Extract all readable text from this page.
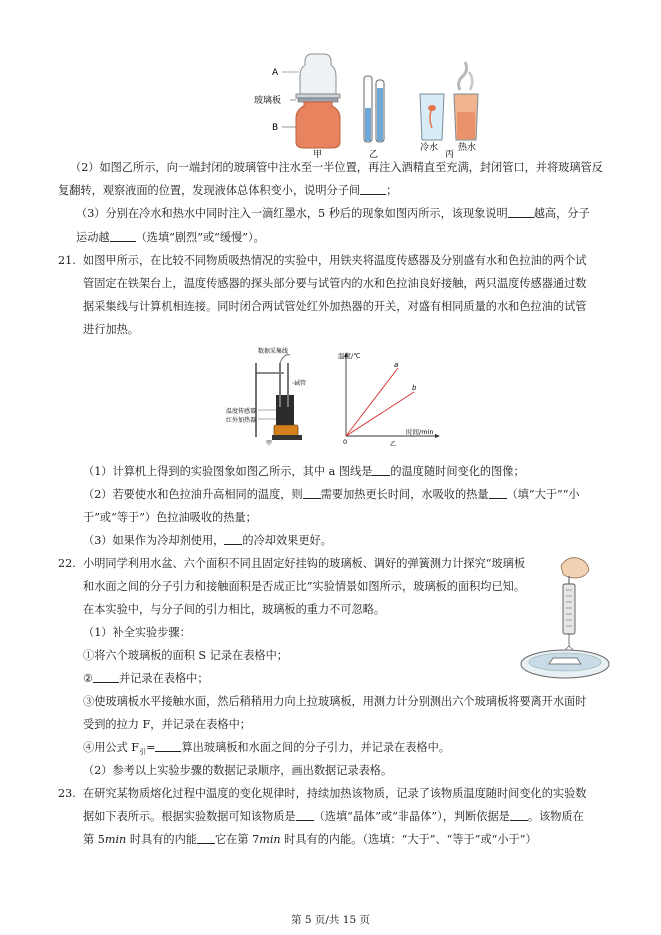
A
玻璃板
B
冷水 热水
甲	乙	丙
（2）如图乙所示，向一端封闭的玻璃管中注水至一半位置，再注入酒精直至充满，封闭管口，并将玻璃管反
复翻转，观察液面的位置，发现液体总体积变小，说明分子间 ；
（3）分别在冷水和热水中同时注入一滴红墨水，5 秒后的现象如图丙所示，该现象说明 越高，分子
运动越 （选填“剧烈”或“缓慢”）。
21. 如图甲所示，在比较不同物质吸热情况的实验中，用铁夹将温度传感器及分别盛有水和色拉油的两个试
管固定在铁架台上，温度传感器的探头部分要与试管内的水和色拉油良好接触，两只温度传感器通过数
据采集线与计算机相连接。同时闭合两试管处红外加热器的开关，对盛有相同质量的水和色拉油的试管
进行加热。
数据采集线
试管
温度传感器
红外加热器
甲
温度/℃
时间/min
0
a
b
乙
（1）计算机上得到的实验图象如图乙所示，其中 a 图线是 的温度随时间变化的图像；
（2）若要使水和色拉油升高相同的温度，则 需要加热更长时间，水吸收的热量 （填“大于”“小
于”或“等于”）色拉油吸收的热量；
（3）如果作为冷却剂使用， 的冷却效果更好。
22. 小明同学利用水盆、六个面积不同且固定好挂钩的玻璃板、调好的弹簧测力计探究“玻璃板
和水面之间的分子引力和接触面积是否成正比”实验情景如图所示，玻璃板的面积均已知。
在本实验中，与分子间的引力相比，玻璃板的重力不可忽略。
（1）补全实验步骤：
①将六个玻璃板的面积 S 记录在表格中；
② 并记录在表格中；
③使玻璃板水平接触水面，然后稍稍用力向上拉玻璃板，用测力计分别测出六个玻璃板将要离开水面时
受到的拉力 F，并记录在表格中；
④用公式 $F_引=$ 算出玻璃板和水面之间的分子引力，并记录在表格中。
（2）参考以上实验步骤的数据记录顺序，画出数据记录表格。
23. 在研究某物质熔化过程中温度的变化规律时，持续加热该物质，记录了该物质温度随时间变化的实验数
据如下表所示。根据实验数据可知该物质是 （选填“晶体”或“非晶体”），判断依据是 。该物质在
第 5min 时具有的内能 它在第 7min 时具有的内能。（选填：“大于”、“等于”或“小于”）
第 5 页/共 15 页
